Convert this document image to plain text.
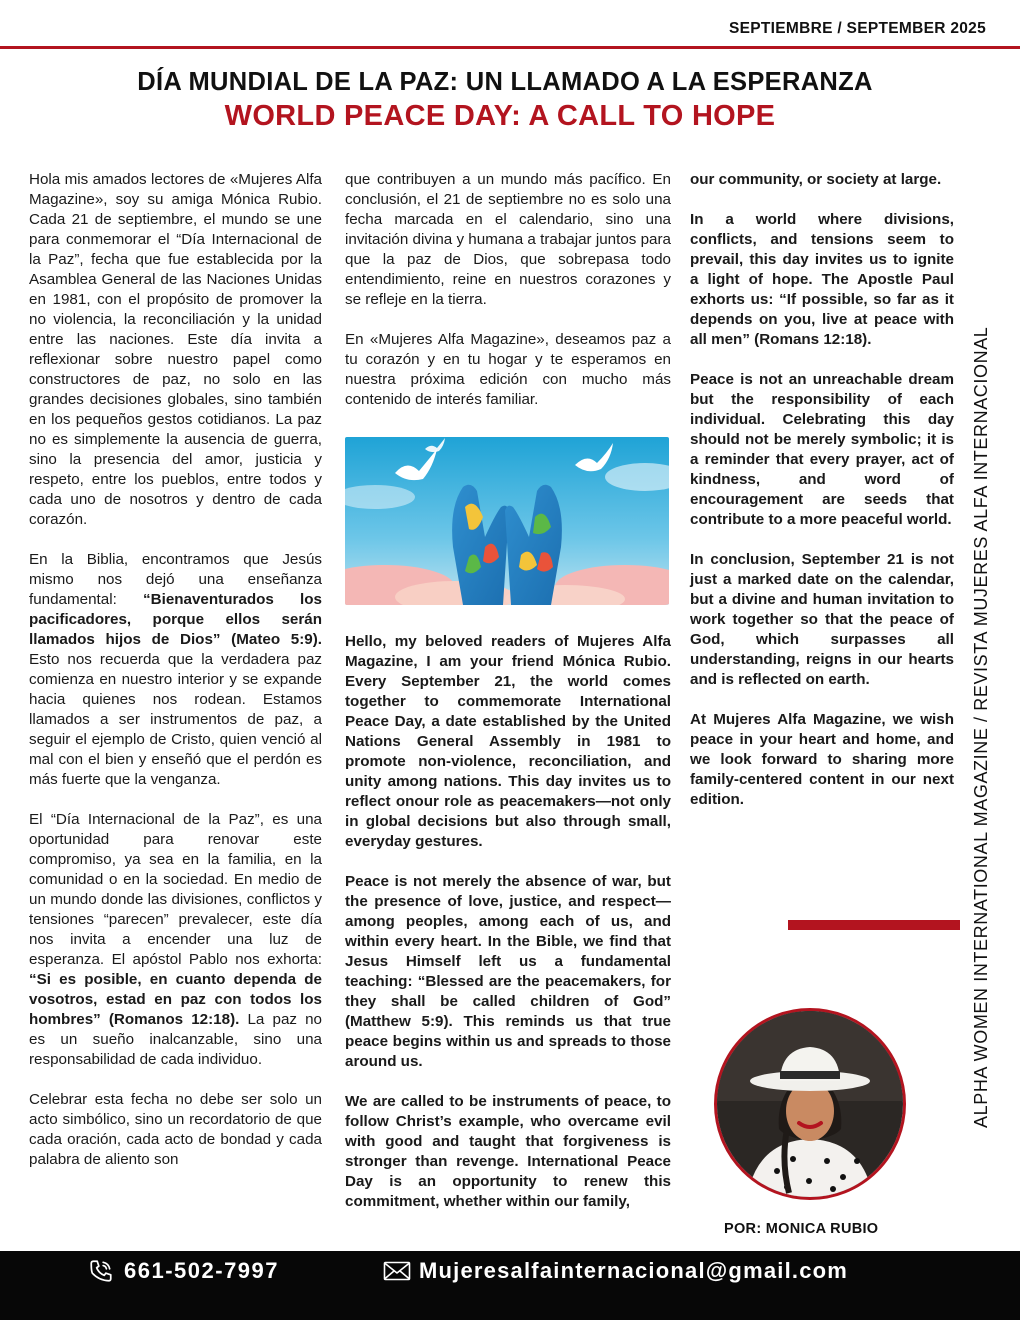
SEPTIEMBRE / SEPTEMBER 2025
DÍA MUNDIAL DE LA PAZ: UN LLAMADO A LA ESPERANZA
WORLD PEACE DAY: A CALL TO HOPE

Hola mis amados lectores de «Mujeres Alfa Magazine», soy su amiga Mónica Rubio. Cada 21 de septiembre, el mundo se une para conmemorar el “Día Internacional de la Paz”, fecha que fue establecida por la Asamblea General de las Naciones Unidas en 1981, con el propósito de promover la no violencia, la reconciliación y la unidad entre las naciones. Este día invita a reflexionar sobre nuestro papel como constructores de paz, no solo en las grandes decisiones globales, sino también en los pequeños gestos cotidianos. La paz no es simplemente la ausencia de guerra, sino la presencia del amor, justicia y respeto, entre los pueblos, entre todos y cada uno de nosotros y dentro de cada corazón.

En la Biblia, encontramos que Jesús mismo nos dejó una enseñanza fundamental: “Bienaventurados los pacificadores, porque ellos serán llamados hijos de Dios” (Mateo 5:9). Esto nos recuerda que la verdadera paz comienza en nuestro interior y se expande hacia quienes nos rodean. Estamos llamados a ser instrumentos de paz, a seguir el ejemplo de Cristo, quien venció al mal con el bien y enseñó que el perdón es más fuerte que la venganza.

El “Día Internacional de la Paz”, es una oportunidad para renovar este compromiso, ya sea en la familia, en la comunidad o en la sociedad. En medio de un mundo donde las divisiones, conflictos y tensiones “parecen” prevalecer, este día nos invita a encender una luz de esperanza. El apóstol Pablo nos exhorta: “Si es posible, en cuanto dependa de vosotros, estad en paz con todos los hombres” (Romanos 12:18). La paz no es un sueño inalcanzable, sino una responsabilidad de cada individuo.

Celebrar esta fecha no debe ser solo un acto simbólico, sino un recordatorio de que cada oración, cada acto de bondad y cada palabra de aliento son

que contribuyen a un mundo más pacífico. En conclusión, el 21 de septiembre no es solo una fecha marcada en el calendario, sino una invitación divina y humana a trabajar juntos para que la paz de Dios, que sobrepasa todo entendimiento, reine en nuestros corazones y se refleje en la tierra.

En «Mujeres Alfa Magazine», deseamos paz a tu corazón y en tu hogar y te esperamos en nuestra próxima edición con mucho más contenido de interés familiar.

Hello, my beloved readers of Mujeres Alfa Magazine, I am your friend Mónica Rubio. Every September 21, the world comes together to commemorate International Peace Day, a date established by the United Nations General Assembly in 1981 to promote non-violence, reconciliation, and unity among nations. This day invites us to reflect onour role as peacemakers—not only in global decisions but also through small, everyday gestures.

Peace is not merely the absence of war, but the presence of love, justice, and respect—among peoples, among each of us, and within every heart. In the Bible, we find that Jesus Himself left us a fundamental teaching: “Blessed are the peacemakers, for they shall be called children of God” (Matthew 5:9). This reminds us that true peace begins within us and spreads to those around us.

We are called to be instruments of peace, to follow Christ’s example, who overcame evil with good and taught that forgiveness is stronger than revenge. International Peace Day is an opportunity to renew this commitment, whether within our family,

our community, or society at large.

In a world where divisions, conflicts, and tensions seem to prevail, this day invites us to ignite a light of hope. The Apostle Paul exhorts us: “If possible, so far as it depends on you, live at peace with all men” (Romans 12:18).

Peace is not an unreachable dream but the responsibility of each individual. Celebrating this day should not be merely symbolic; it is a reminder that every prayer, act of kindness, and word of encouragement are seeds that contribute to a more peaceful world.

In conclusion, September 21 is not just a marked date on the calendar, but a divine and human invitation to work together so that the peace of God, which surpasses all understanding, reigns in our hearts and is reflected on earth.

At Mujeres Alfa Magazine, we wish peace in your heart and home, and we look forward to sharing more family-centered content in our next edition.	ALPHA WOMEN INTERNATIONAL MAGAZINE / REVISTA MUJERES ALFA INTERNACIONAL
POR: MONICA RUBIO
661-502-7997	Mujeresalfainternacional@gmail.com
